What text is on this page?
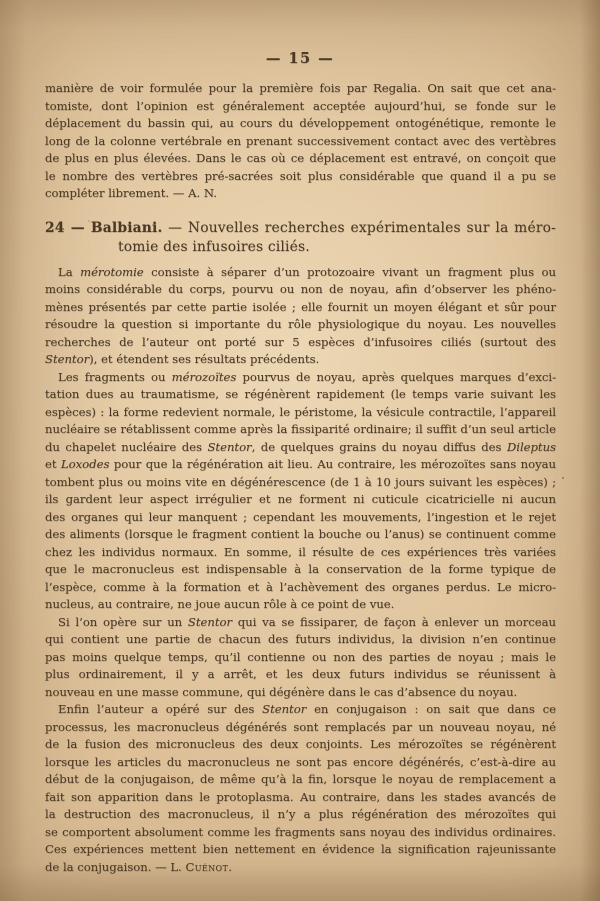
— 15 —
manière de voir formulée pour la première fois par Regalia. On sait que cet ana-
tomiste, dont l’opinion est généralement acceptée aujourd’hui, se fonde sur le
déplacement du bassin qui, au cours du développement ontogénétique, remonte le
long de la colonne vertébrale en prenant successivement contact avec des vertèbres
de plus en plus élevées. Dans le cas où ce déplacement est entravé, on conçoit que
le nombre des vertèbres pré-sacrées soit plus considérable que quand il a pu se
compléter librement. — A. N.
24 — Balbiani. — Nouvelles recherches expérimentales sur la méro-
tomie des infusoires ciliés.
La mérotomie consiste à séparer d’un protozoaire vivant un fragment plus ou
moins considérable du corps, pourvu ou non de noyau, afin d’observer les phéno-
mènes présentés par cette partie isolée ; elle fournit un moyen élégant et sûr pour
résoudre la question si importante du rôle physiologique du noyau. Les nouvelles
recherches de l’auteur ont porté sur 5 espèces d’infusoires ciliés (surtout des
Stentor), et étendent ses résultats précédents.
Les fragments ou mérozoïtes pourvus de noyau, après quelques marques d’exci-
tation dues au traumatisme, se régénèrent rapidement (le temps varie suivant les
espèces) : la forme redevient normale, le péristome, la vésicule contractile, l’appareil
nucléaire se rétablissent comme après la fissiparité ordinaire; il suffit d’un seul article
du chapelet nucléaire des Stentor, de quelques grains du noyau diffus des Dileptus
et Loxodes pour que la régénération ait lieu. Au contraire, les mérozoïtes sans noyau
tombent plus ou moins vite en dégénérescence (de 1 à 10 jours suivant les espèces) ;
ils gardent leur aspect irrégulier et ne forment ni cuticule cicatricielle ni aucun
des organes qui leur manquent ; cependant les mouvements, l’ingestion et le rejet
des aliments (lorsque le fragment contient la bouche ou l’anus) se continuent comme
chez les individus normaux. En somme, il résulte de ces expériences très variées
que le macronucleus est indispensable à la conservation de la forme typique de
l’espèce, comme à la formation et à l’achèvement des organes perdus. Le micro-
nucleus, au contraire, ne joue aucun rôle à ce point de vue.
Si l’on opère sur un Stentor qui va se fissiparer, de façon à enlever un morceau
qui contient une partie de chacun des futurs individus, la division n’en continue
pas moins quelque temps, qu’il contienne ou non des parties de noyau ; mais le
plus ordinairement, il y a arrêt, et les deux futurs individus se réunissent à
nouveau en une masse commune, qui dégénère dans le cas d’absence du noyau.
Enfin l’auteur a opéré sur des Stentor en conjugaison : on sait que dans ce
processus, les macronucleus dégénérés sont remplacés par un nouveau noyau, né
de la fusion des micronucleus des deux conjoints. Les mérozoïtes se régénèrent
lorsque les articles du macronucleus ne sont pas encore dégénérés, c’est-à-dire au
début de la conjugaison, de même qu’à la fin, lorsque le noyau de remplacement a
fait son apparition dans le protoplasma. Au contraire, dans les stades avancés de
la destruction des macronucleus, il n’y a plus régénération des mérozoïtes qui
se comportent absolument comme les fragments sans noyau des individus ordinaires.
Ces expériences mettent bien nettement en évidence la signification rajeunissante
de la conjugaison. — L. Cuénot.
